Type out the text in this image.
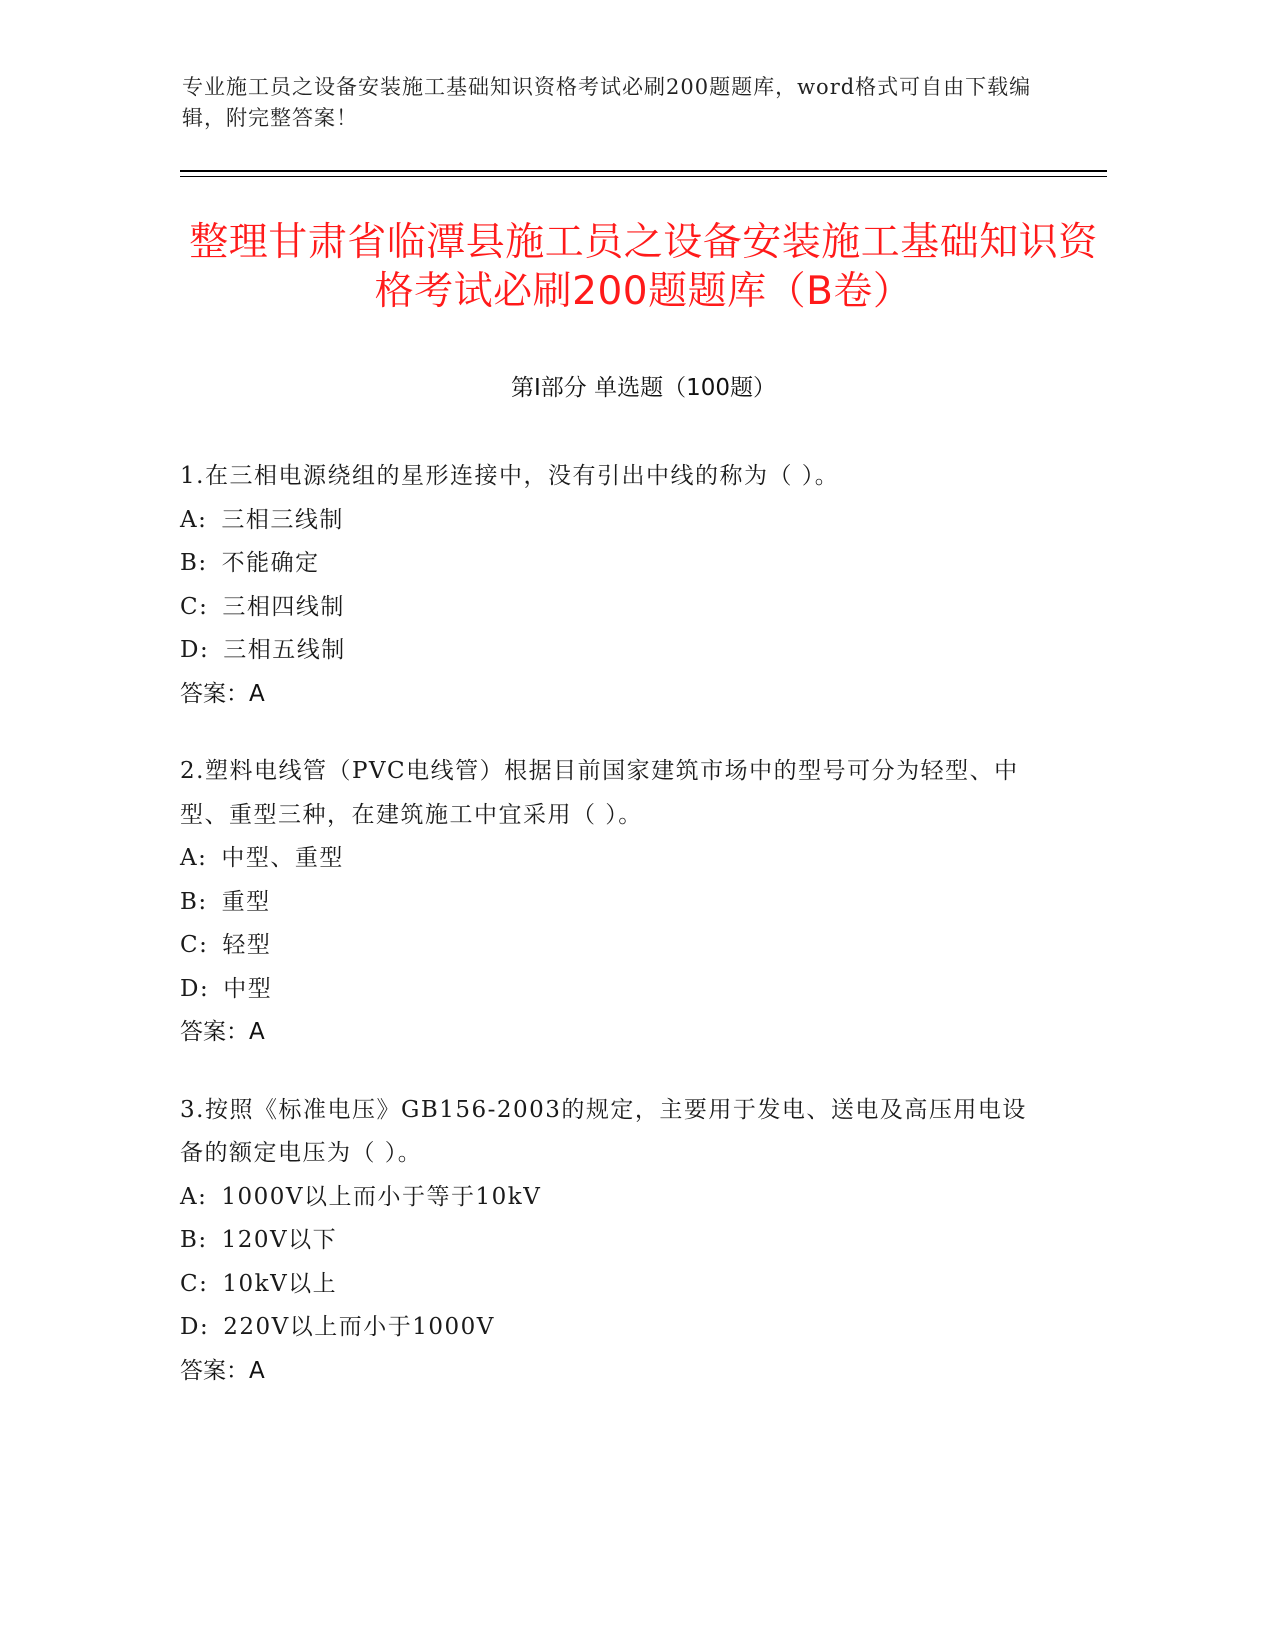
专业施工员之设备安装施工基础知识资格考试必刷200题题库，word格式可自由下载编辑，附完整答案！
整理甘肃省临潭县施工员之设备安装施工基础知识资格考试必刷200题题库（B卷）
第Ⅰ部分 单选题（100题）

1.在三相电源绕组的星形连接中，没有引出中线的称为（ ）。

A: 三相三线制

B: 不能确定

C: 三相四线制

D: 三相五线制

答案：A

2.塑料电线管（PVC电线管）根据目前国家建筑市场中的型号可分为轻型、中型、重型三种，在建筑施工中宜采用（ ）。

A: 中型、重型

B: 重型

C: 轻型

D: 中型

答案：A

3.按照《标准电压》GB156-2003的规定，主要用于发电、送电及高压用电设备的额定电压为（ ）。

A: 1000V以上而小于等于10kV

B: 120V以下

C: 10kV以上

D: 220V以上而小于1000V

答案：A
